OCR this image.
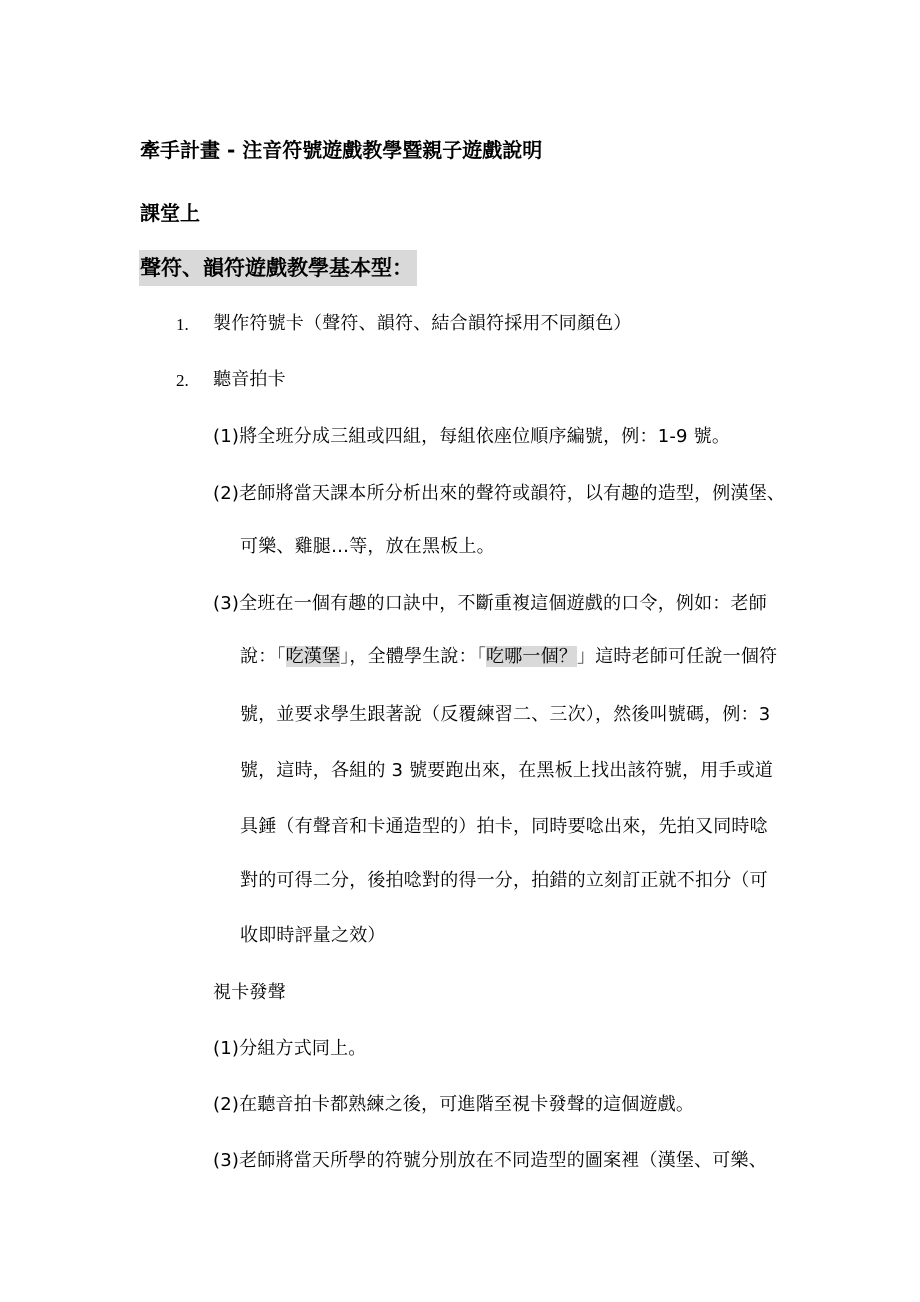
牽手計畫 - 注音符號遊戲教學暨親子遊戲說明
課堂上
聲符、韻符遊戲教學基本型：
1. 製作符號卡（聲符、韻符、結合韻符採用不同顏色）
2. 聽音拍卡
(1)將全班分成三組或四組，每組依座位順序編號，例：1-9 號。
(2)老師將當天課本所分析出來的聲符或韻符，以有趣的造型，例漢堡、
可樂、雞腿…等，放在黑板上。
(3)全班在一個有趣的口訣中，不斷重複這個遊戲的口令，例如：老師
說：「吃漢堡」，全體學生說：「吃哪一個？」這時老師可任說一個符
號，並要求學生跟著說（反覆練習二、三次），然後叫號碼，例：3
號，這時，各組的 3 號要跑出來，在黑板上找出該符號，用手或道
具錘（有聲音和卡通造型的）拍卡，同時要唸出來，先拍又同時唸
對的可得二分，後拍唸對的得一分，拍錯的立刻訂正就不扣分（可
收即時評量之效）
視卡發聲
(1)分組方式同上。
(2)在聽音拍卡都熟練之後，可進階至視卡發聲的這個遊戲。
(3)老師將當天所學的符號分別放在不同造型的圖案裡（漢堡、可樂、
